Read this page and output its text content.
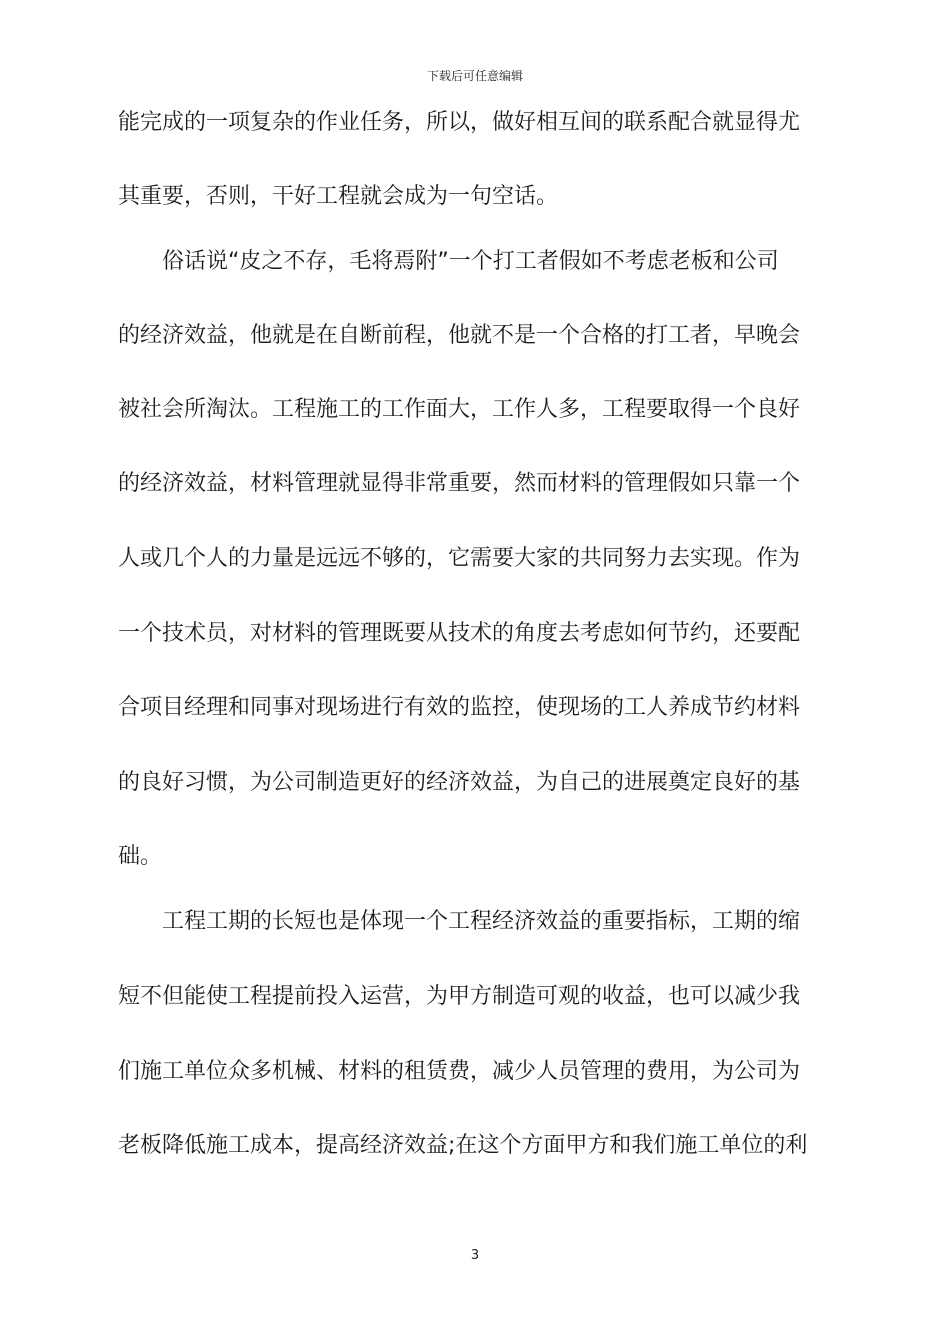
下载后可任意编辑
能完成的一项复杂的作业任务，所以，做好相互间的联系配合就显得尤
其重要，否则，干好工程就会成为一句空话。
　　俗话说“皮之不存，毛将焉附”一个打工者假如不考虑老板和公司
的经济效益，他就是在自断前程，他就不是一个合格的打工者，早晚会
被社会所淘汰。工程施工的工作面大，工作人多，工程要取得一个良好
的经济效益，材料管理就显得非常重要，然而材料的管理假如只靠一个
人或几个人的力量是远远不够的，它需要大家的共同努力去实现。作为
一个技术员，对材料的管理既要从技术的角度去考虑如何节约，还要配
合项目经理和同事对现场进行有效的监控，使现场的工人养成节约材料
的良好习惯，为公司制造更好的经济效益，为自己的进展奠定良好的基
础。
　　工程工期的长短也是体现一个工程经济效益的重要指标，工期的缩
短不但能使工程提前投入运营，为甲方制造可观的收益，也可以减少我
们施工单位众多机械、材料的租赁费，减少人员管理的费用，为公司为
老板降低施工成本，提高经济效益;在这个方面甲方和我们施工单位的利
3
